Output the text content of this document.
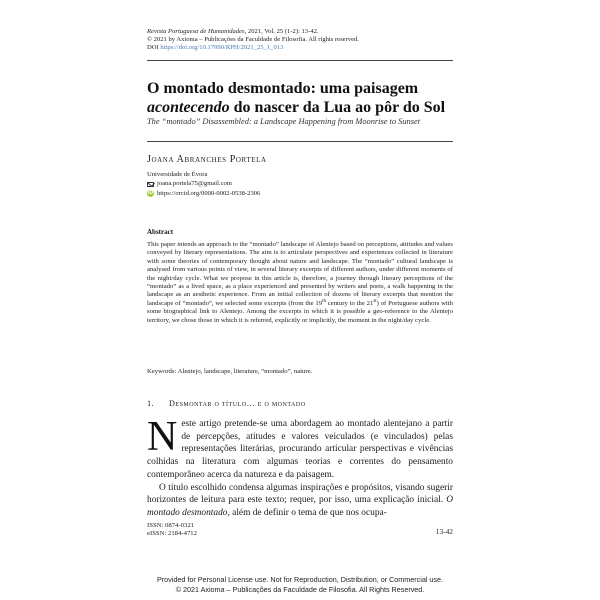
Revista Portuguesa de Humanidades, 2021, Vol. 25 (1-2): 13-42.
© 2021 by Axioma – Publicações da Faculdade de Filosofia. All rights reserved.
DOI https://doi.org/10.17990/RPH/2021_25_1_013
O montado desmontado: uma paisagem
acontecendo do nascer da Lua ao pôr do Sol
The “montado” Disassembled: a Landscape Happening from Moonrise to Sunset
Joana Abranches Portela
Universidade de Évora
joana.portela75@gmail.com
iD https://orcid.org/0000-0002-0538-2306
Abstract
This paper intends an approach to the “montado” landscape of Alentejo based on perceptions, attitudes and values conveyed by literary representations. The aim is to articulate perspectives and experiences collected in literature with some theories of contemporary thought about nature and landscape. The “montado” cultural landscape is analysed from various points of view, in several literary excerpts of different authors, under different moments of the night/day cycle. What we propose in this article is, therefore, a journey through literary perceptions of the “montado” as a lived space, as a place experienced and presented by writers and poets, a walk happening in the landscape as an aesthetic experience. From an initial collection of dozens of literary excerpts that mention the landscape of “montado”, we selected some excerpts (from the 19th century to the 21st) of Portuguese authors with some biographical link to Alentejo. Among the excerpts in which it is possible a geo-reference to the Alentejo territory, we chose those in which it is referred, explicitly or implicitly, the moment in the night/day cycle.
Keywords: Alentejo, landscape, literature, “montado”, nature.
1. Desmontar o título… e o montado

Neste artigo pretende-se uma abordagem ao montado alentejano a partir de percepções, atitudes e valores veiculados (e vinculados) pelas representações literárias, procurando articular perspectivas e vivências colhidas na literatura com algumas teorias e correntes do pensamento contemporâneo acerca da natureza e da paisagem.

O título escolhido condensa algumas inspirações e propósitos, visando sugerir horizontes de leitura para este texto; requer, por isso, uma explicação inicial. O montado desmontado, além de definir o tema de que nos ocupa-

ISSN: 0874-0321
eISSN: 2184-4712	13-42
Provided for Personal License use. Not for Reproduction, Distribution, or Commercial use.
© 2021 Axioma – Publicações da Faculdade de Filosofia. All Rights Reserved.
